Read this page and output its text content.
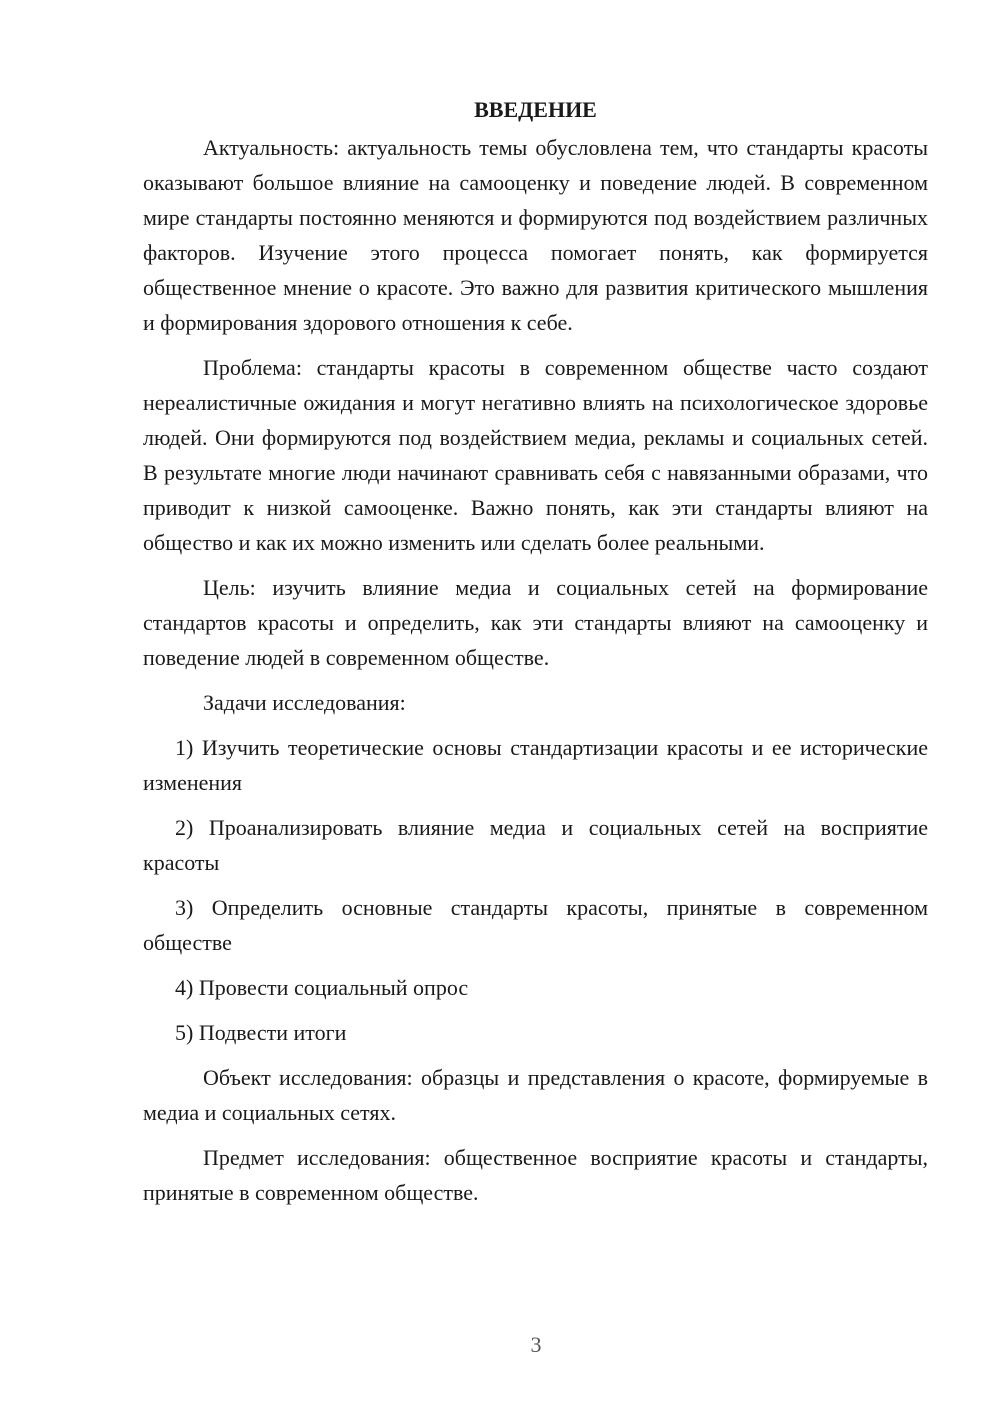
ВВЕДЕНИЕ

Актуальность: актуальность темы обусловлена тем, что стандарты красоты оказывают большое влияние на самооценку и поведение людей. В современном мире стандарты постоянно меняются и формируются под воздействием различных факторов. Изучение этого процесса помогает понять, как формируется общественное мнение о красоте. Это важно для развития критического мышления и формирования здорового отношения к себе.

Проблема: стандарты красоты в современном обществе часто создают нереалистичные ожидания и могут негативно влиять на психологическое здоровье людей. Они формируются под воздействием медиа, рекламы и социальных сетей. В результате многие люди начинают сравнивать себя с навязанными образами, что приводит к низкой самооценке. Важно понять, как эти стандарты влияют на общество и как их можно изменить или сделать более реальными.

Цель: изучить влияние медиа и социальных сетей на формирование стандартов красоты и определить, как эти стандарты влияют на самооценку и поведение людей в современном обществе.

Задачи исследования:

1) Изучить теоретические основы стандартизации красоты и ее исторические изменения

2) Проанализировать влияние медиа и социальных сетей на восприятие красоты

3) Определить основные стандарты красоты, принятые в современном обществе

4) Провести социальный опрос

5) Подвести итоги

Объект исследования: образцы и представления о красоте, формируемые в медиа и социальных сетях.

Предмет исследования: общественное восприятие красоты и стандарты, принятые в современном обществе.

3
